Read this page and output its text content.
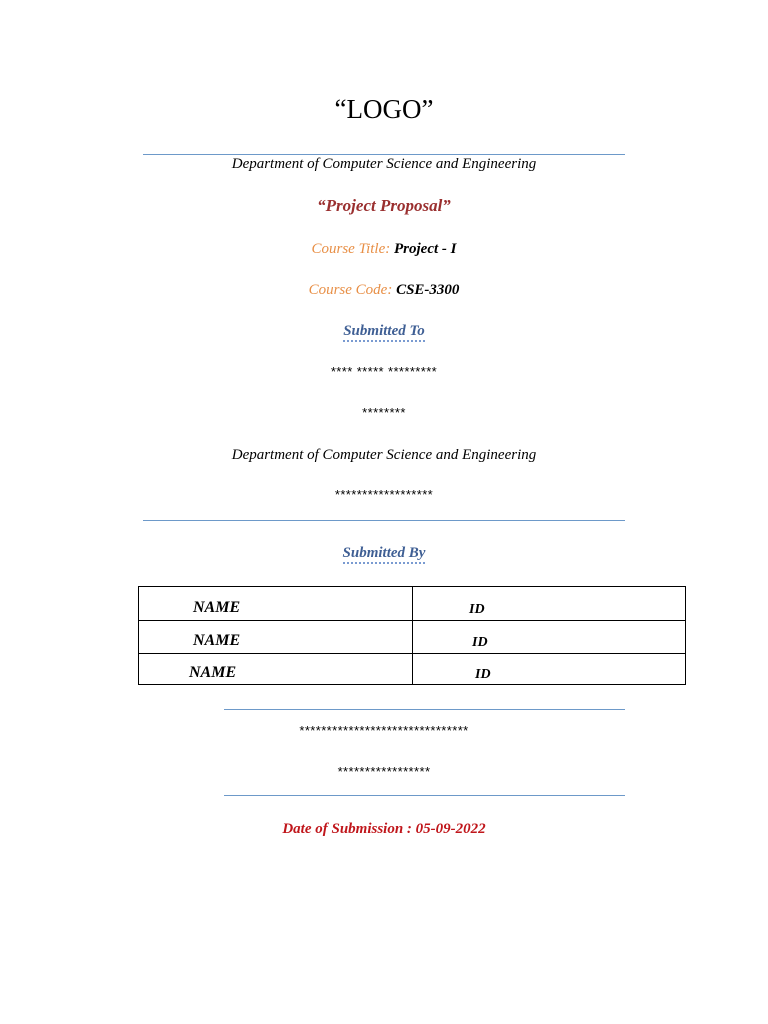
“LOGO”
Department of Computer Science and Engineering
“Project Proposal”
Course Title: Project - I
Course Code: CSE-3300
Submitted To
**** ***** *********
********
Department of Computer Science and Engineering
******************
Submitted By
NAME	ID
NAME	ID
NAME	ID
*******************************
*****************
Date of Submission : 05-09-2022
